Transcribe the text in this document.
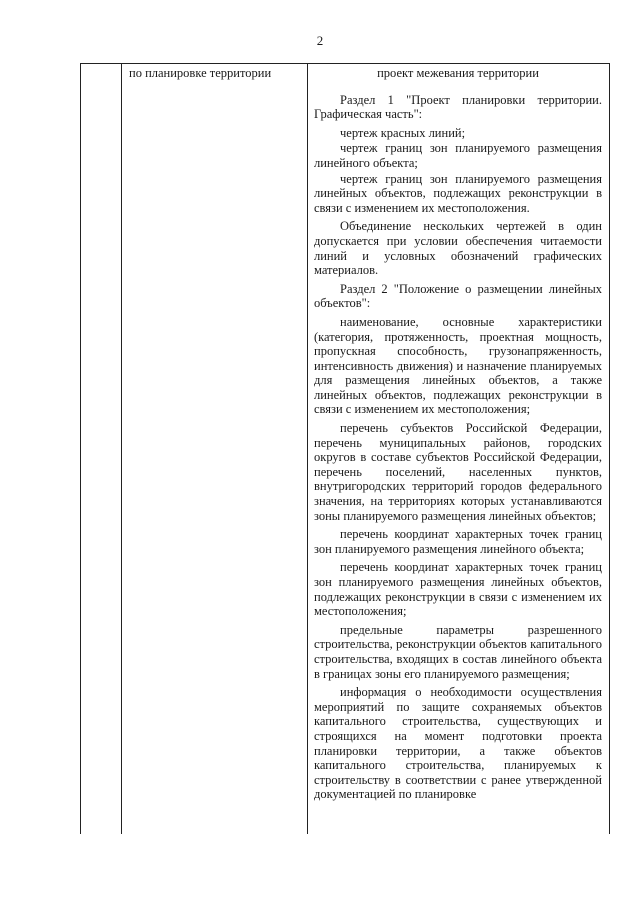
2
по планировке территории	проект межевания территории

Раздел 1 "Проект планировки территории. Графическая часть":

чертеж красных линий;

чертеж границ зон планируемого размещения линейного объекта;

чертеж границ зон планируемого размещения линейных объектов, подлежащих реконструкции в связи с изменением их местоположения.

Объединение нескольких чертежей в один допускается при условии обеспечения читаемости линий и условных обозначений графических материалов.

Раздел 2 "Положение о размещении линейных объектов":

наименование, основные характеристики (категория, протяженность, проектная мощность, пропускная способность, грузонапряженность, интенсивность движения) и назначение планируемых для размещения линейных объектов, а также линейных объектов, подлежащих реконструкции в связи с изменением их местоположения;

перечень субъектов Российской Федерации, перечень муниципальных районов, городских округов в составе субъектов Российской Федерации, перечень поселений, населенных пунктов, внутригородских территорий городов федерального значения, на территориях которых устанавливаются зоны планируемого размещения линейных объектов;

перечень координат характерных точек границ зон планируемого размещения линейного объекта;

перечень координат характерных точек границ зон планируемого размещения линейных объектов, подлежащих реконструкции в связи с изменением их местоположения;

предельные параметры разрешенного строительства, реконструкции объектов капитального строительства, входящих в состав линейного объекта в границах зоны его планируемого размещения;

информация о необходимости осуществления мероприятий по защите сохраняемых объектов капитального строительства, существующих и строящихся на момент подготовки проекта планировки территории, а также объектов капитального строительства, планируемых к строительству в соответствии с ранее утвержденной документацией по планировке
